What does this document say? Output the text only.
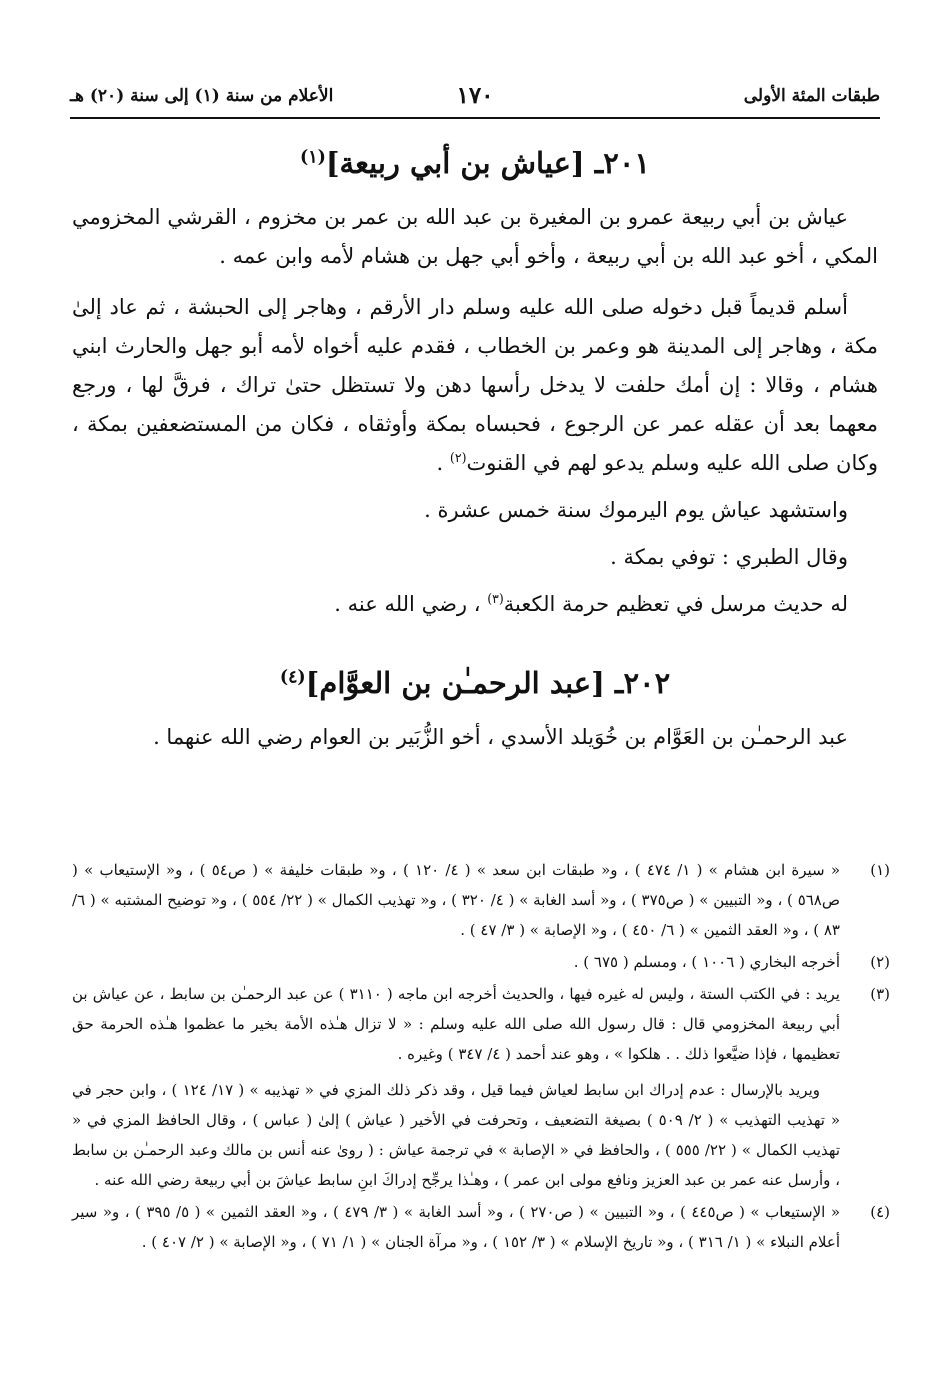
طبقات المئة الأولى
١٧٠
الأعلام من سنة (١) إلى سنة (٢٠) هـ
٢٠١ـ [عياش بن أبي ربيعة]$^{(١)}$

عياش بن أبي ربيعة عمرو بن المغيرة بن عبد الله بن عمر بن مخزوم ، القرشي المخزومي المكي ، أخو عبد الله بن أبي ربيعة ، وأخو أبي جهل بن هشام لأمه وابن عمه .

أسلم قديماً قبل دخوله صلى الله عليه وسلم دار الأرقم ، وهاجر إلى الحبشة ، ثم عاد إلىٰ مكة ، وهاجر إلى المدينة هو وعمر بن الخطاب ، فقدم عليه أخواه لأمه أبو جهل والحارث ابني هشام ، وقالا : إن أمك حلفت لا يدخل رأسها دهن ولا تستظل حتىٰ تراك ، فرقَّ لها ، ورجع معهما بعد أن عقله عمر عن الرجوع ، فحبساه بمكة وأوثقاه ، فكان من المستضعفين بمكة ، وكان صلى الله عليه وسلم يدعو لهم في القنوت$^{(٢)}$ .

واستشهد عياش يوم اليرموك سنة خمس عشرة .

وقال الطبري : توفي بمكة .

له حديث مرسل في تعظيم حرمة الكعبة$^{(٣)}$ ، رضي الله عنه .

٢٠٢ـ [عبد الرحمـٰن بن العوَّام]$^{(٤)}$

عبد الرحمـٰن بن العَوَّام بن خُوَيلد الأسدي ، أخو الزُّبَير بن العوام رضي الله عنهما .

(١)

« سيرة ابن هشام » ( ١/ ٤٧٤ ) ، و« طبقات ابن سعد » ( ٤/ ١٢٠ ) ، و« طبقات خليفة » ( ص٥٤ ) ، و« الإستيعاب » ( ص٥٦٨ ) ، و« التبيين » ( ص٣٧٥ ) ، و« أسد الغابة » ( ٤/ ٣٢٠ ) ، و« تهذيب الكمال » ( ٢٢/ ٥٥٤ ) ، و« توضيح المشتبه » ( ٦/ ٨٣ ) ، و« العقد الثمين » ( ٦/ ٤٥٠ ) ، و« الإصابة » ( ٣/ ٤٧ ) .

(٢)

أخرجه البخاري ( ١٠٠٦ ) ، ومسلم ( ٦٧٥ ) .

(٣)

يريد : في الكتب الستة ، وليس له غيره فيها ، والحديث أخرجه ابن ماجه ( ٣١١٠ ) عن عبد الرحمـٰن بن سابط ، عن عياش بن أبي ربيعة المخزومي قال : قال رسول الله صلى الله عليه وسلم : « لا تزال هـٰذه الأمة بخير ما عظموا هـٰذه الحرمة حق تعظيمها ، فإذا ضيَّعوا ذلك . . هلكوا » ، وهو عند أحمد ( ٤/ ٣٤٧ ) وغيره .

ويريد بالإرسال : عدم إدراك ابن سابط لعياش فيما قيل ، وقد ذكر ذلك المزي في « تهذيبه » ( ١٧/ ١٢٤ ) ، وابن حجر في « تهذيب التهذيب » ( ٢/ ٥٠٩ ) بصيغة التضعيف ، وتحرفت في الأخير ( عياش ) إلىٰ ( عباس ) ، وقال الحافظ المزي في « تهذيب الكمال » ( ٢٢/ ٥٥٥ ) ، والحافظ في « الإصابة » في ترجمة عياش : ( روىٰ عنه أنس بن مالك وعبد الرحمـٰن بن سابط ، وأرسل عنه عمر بن عبد العزيز ونافع مولى ابن عمر ) ، وهـٰذا يرجِّح إدراكَ ابنِ سابط عياشَ بن أبي ربيعة رضي الله عنه .

(٤)

« الإستيعاب » ( ص٤٤٥ ) ، و« التبيين » ( ص٢٧٠ ) ، و« أسد الغابة » ( ٣/ ٤٧٩ ) ، و« العقد الثمين » ( ٥/ ٣٩٥ ) ، و« سير أعلام النبلاء » ( ١/ ٣١٦ ) ، و« تاريخ الإسلام » ( ٣/ ١٥٢ ) ، و« مرآة الجنان » ( ١/ ٧١ ) ، و« الإصابة » ( ٢/ ٤٠٧ ) .
